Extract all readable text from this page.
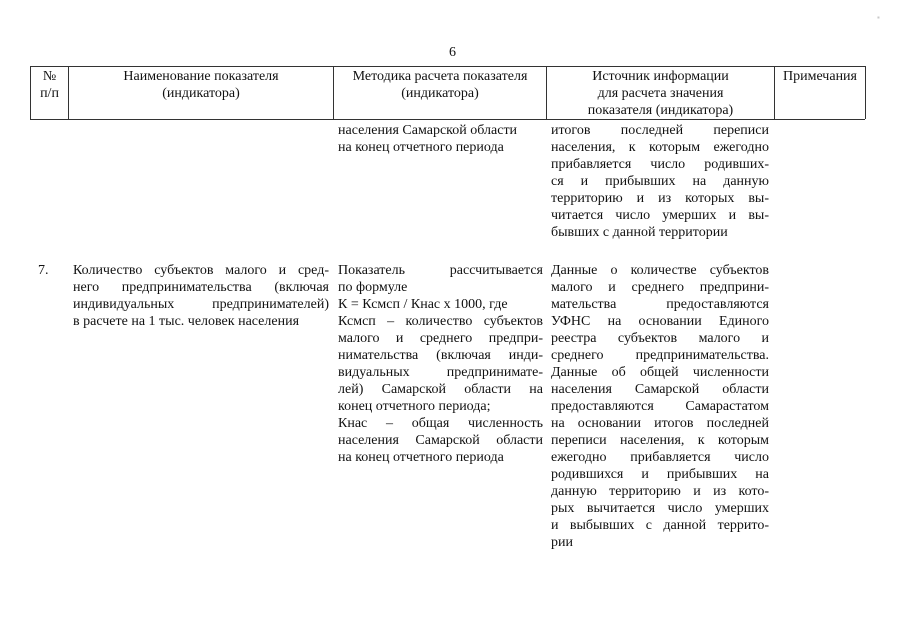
▪
6
№
п/п
Наименование показателя
(индикатора)
Методика расчета показателя
(индикатора)
Источник информации
для расчета значения
показателя (индикатора)
Примечания
населения Самарской области
на конец отчетного периода
итогов последней переписи
населения, к которым ежегодно
прибавляется число родивших-
ся и прибывших на данную
территорию и из которых вы-
читается число умерших и вы-
бывших с данной территории
7.	Количество субъектов малого и сред-
него предпринимательства (включая
индивидуальных предпринимателей)
в расчете на 1 тыс. человек населения
Показатель рассчитывается
по формуле
К = Ксмсп / Кнас х 1000, где
Ксмсп – количество субъектов
малого и среднего предпри-
нимательства (включая инди-
видуальных предпринимате-
лей) Самарской области на
конец отчетного периода;
Кнас – общая численность
населения Самарской области
на конец отчетного периода
Данные о количестве субъектов
малого и среднего предприни-
мательства предоставляются
УФНС на основании Единого
реестра субъектов малого и
среднего предпринимательства.
Данные об общей численности
населения Самарской области
предоставляются Самарастатом
на основании итогов последней
переписи населения, к которым
ежегодно прибавляется число
родившихся и прибывших на
данную территорию и из кото-
рых вычитается число умерших
и выбывших с данной террито-
рии
